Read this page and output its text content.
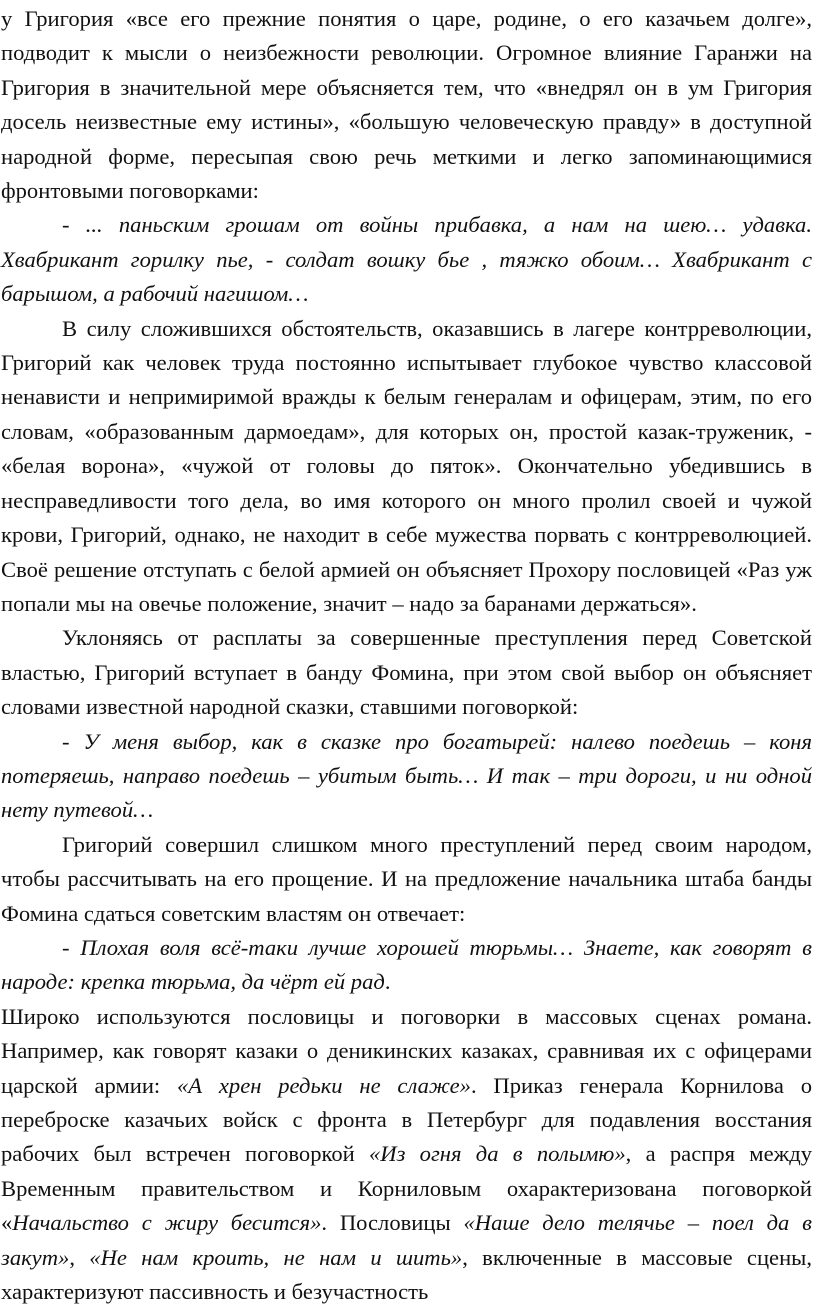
у Григория «все его прежние понятия о царе, родине, о его казачьем долге», подводит к мысли о неизбежности революции. Огромное влияние Гаранжи на Григория в значительной мере объясняется тем, что «внедрял он в ум Григория досель неизвестные ему истины», «большую человеческую правду» в доступной народной форме, пересыпая свою речь меткими и легко запоминающимися фронтовыми поговорками:

- ... паньским грошам от войны прибавка, а нам на шею… удавка. Хвабрикант горилку пье, - солдат вошку бье , тяжко обоим… Хвабрикант с барышом, а рабочий нагишом…

В силу сложившихся обстоятельств, оказавшись в лагере контрреволюции, Григорий как человек труда постоянно испытывает глубокое чувство классовой ненависти и непримиримой вражды к белым генералам и офицерам, этим, по его словам, «образованным дармоедам», для которых он, простой казак-труженик, - «белая ворона», «чужой от головы до пяток». Окончательно убедившись в несправедливости того дела, во имя которого он много пролил своей и чужой крови, Григорий, однако, не находит в себе мужества порвать с контрреволюцией. Своё решение отступать с белой армией он объясняет Прохору пословицей «Раз уж попали мы на овечье положение, значит – надо за баранами держаться».

Уклоняясь от расплаты за совершенные преступления перед Советской властью, Григорий вступает в банду Фомина, при этом свой выбор он объясняет словами известной народной сказки, ставшими поговоркой:

- У меня выбор, как в сказке про богатырей: налево поедешь – коня потеряешь, направо поедешь – убитым быть… И так – три дороги, и ни одной нету путевой…

Григорий совершил слишком много преступлений перед своим народом, чтобы рассчитывать на его прощение. И на предложение начальника штаба банды Фомина сдаться советским властям он отвечает:

- Плохая воля всё-таки лучше хорошей тюрьмы… Знаете, как говорят в народе: крепка тюрьма, да чёрт ей рад.

Широко используются пословицы и поговорки в массовых сценах романа. Например, как говорят казаки о деникинских казаках, сравнивая их с офицерами царской армии: «А хрен редьки не слаже». Приказ генерала Корнилова о переброске казачьих войск с фронта в Петербург для подавления восстания рабочих был встречен поговоркой «Из огня да в полымю», а распря между Временным правительством и Корниловым охарактеризована поговоркой «Начальство с жиру бесится». Пословицы «Наше дело телячье – поел да в закут», «Не нам кроить, не нам и шить», включенные в массовые сцены, характеризуют пассивность и безучастность
